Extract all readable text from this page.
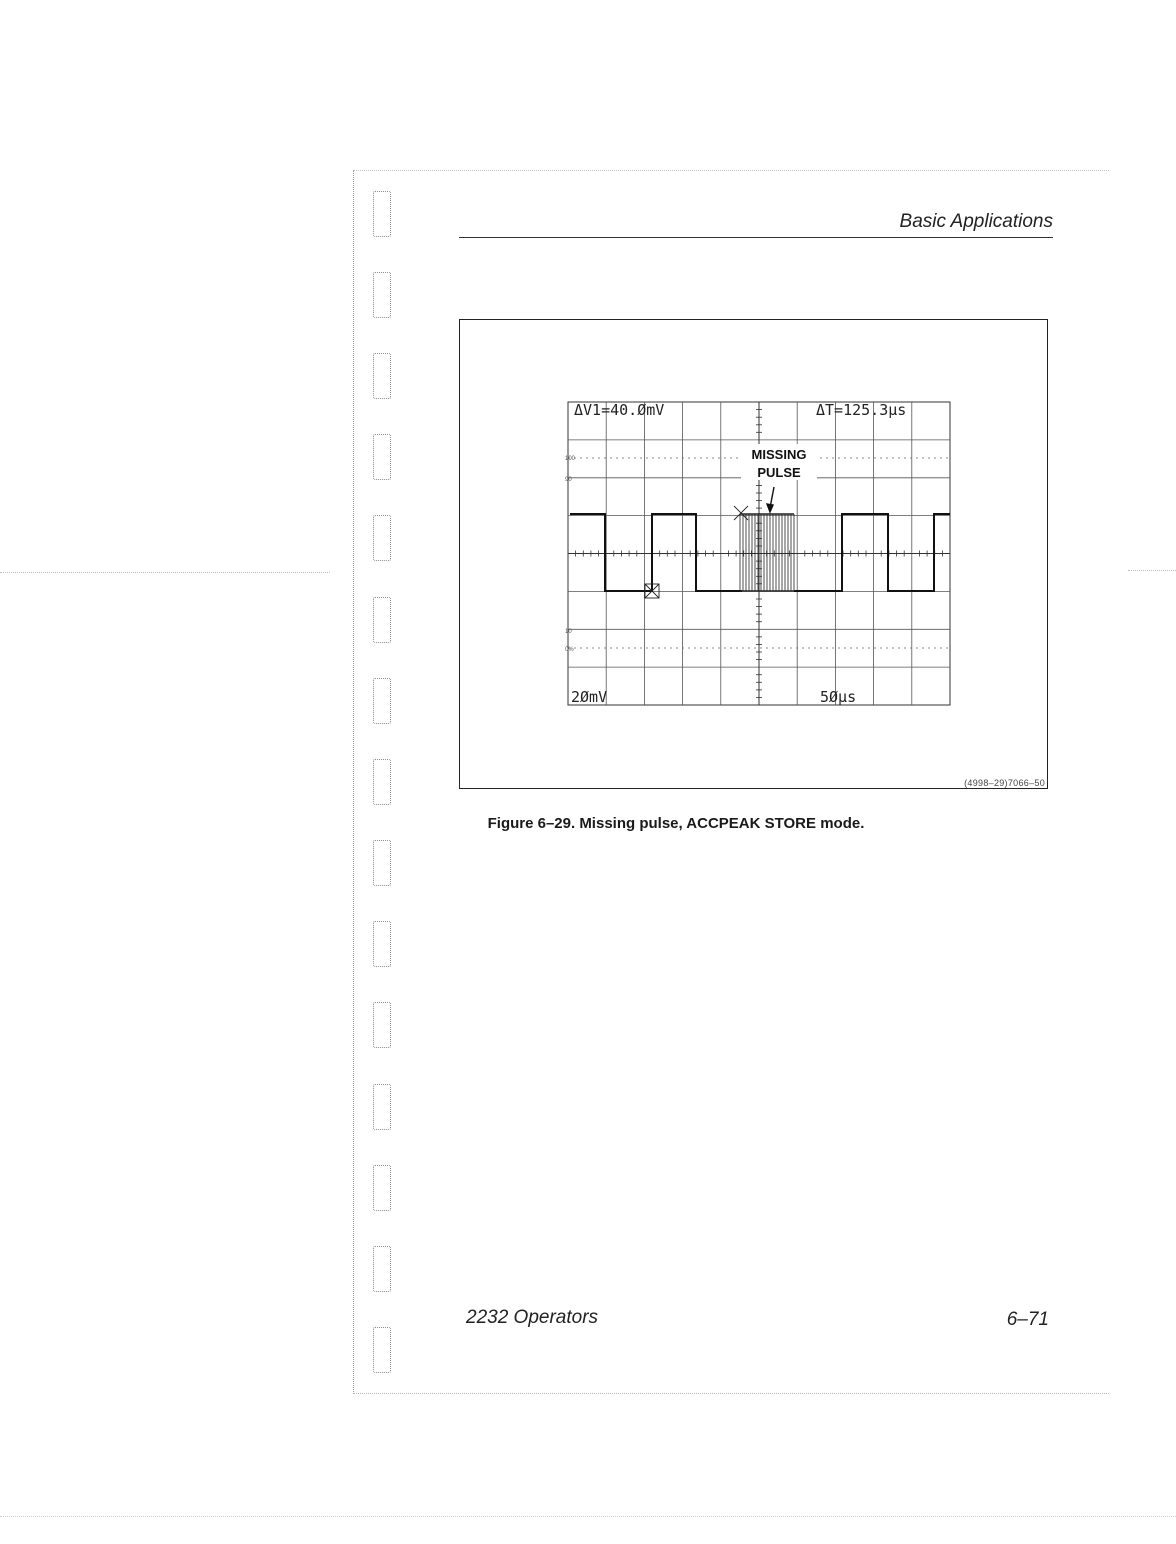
Basic Applications
100
90
10
0%
ΔV1=40.ØmV	ΔT=125.3μs
2ØmV	5Øμs
MISSING
PULSE
(4998–29)7066–50
Figure 6–29. Missing pulse, ACCPEAK STORE mode.
2232 Operators	6–71
